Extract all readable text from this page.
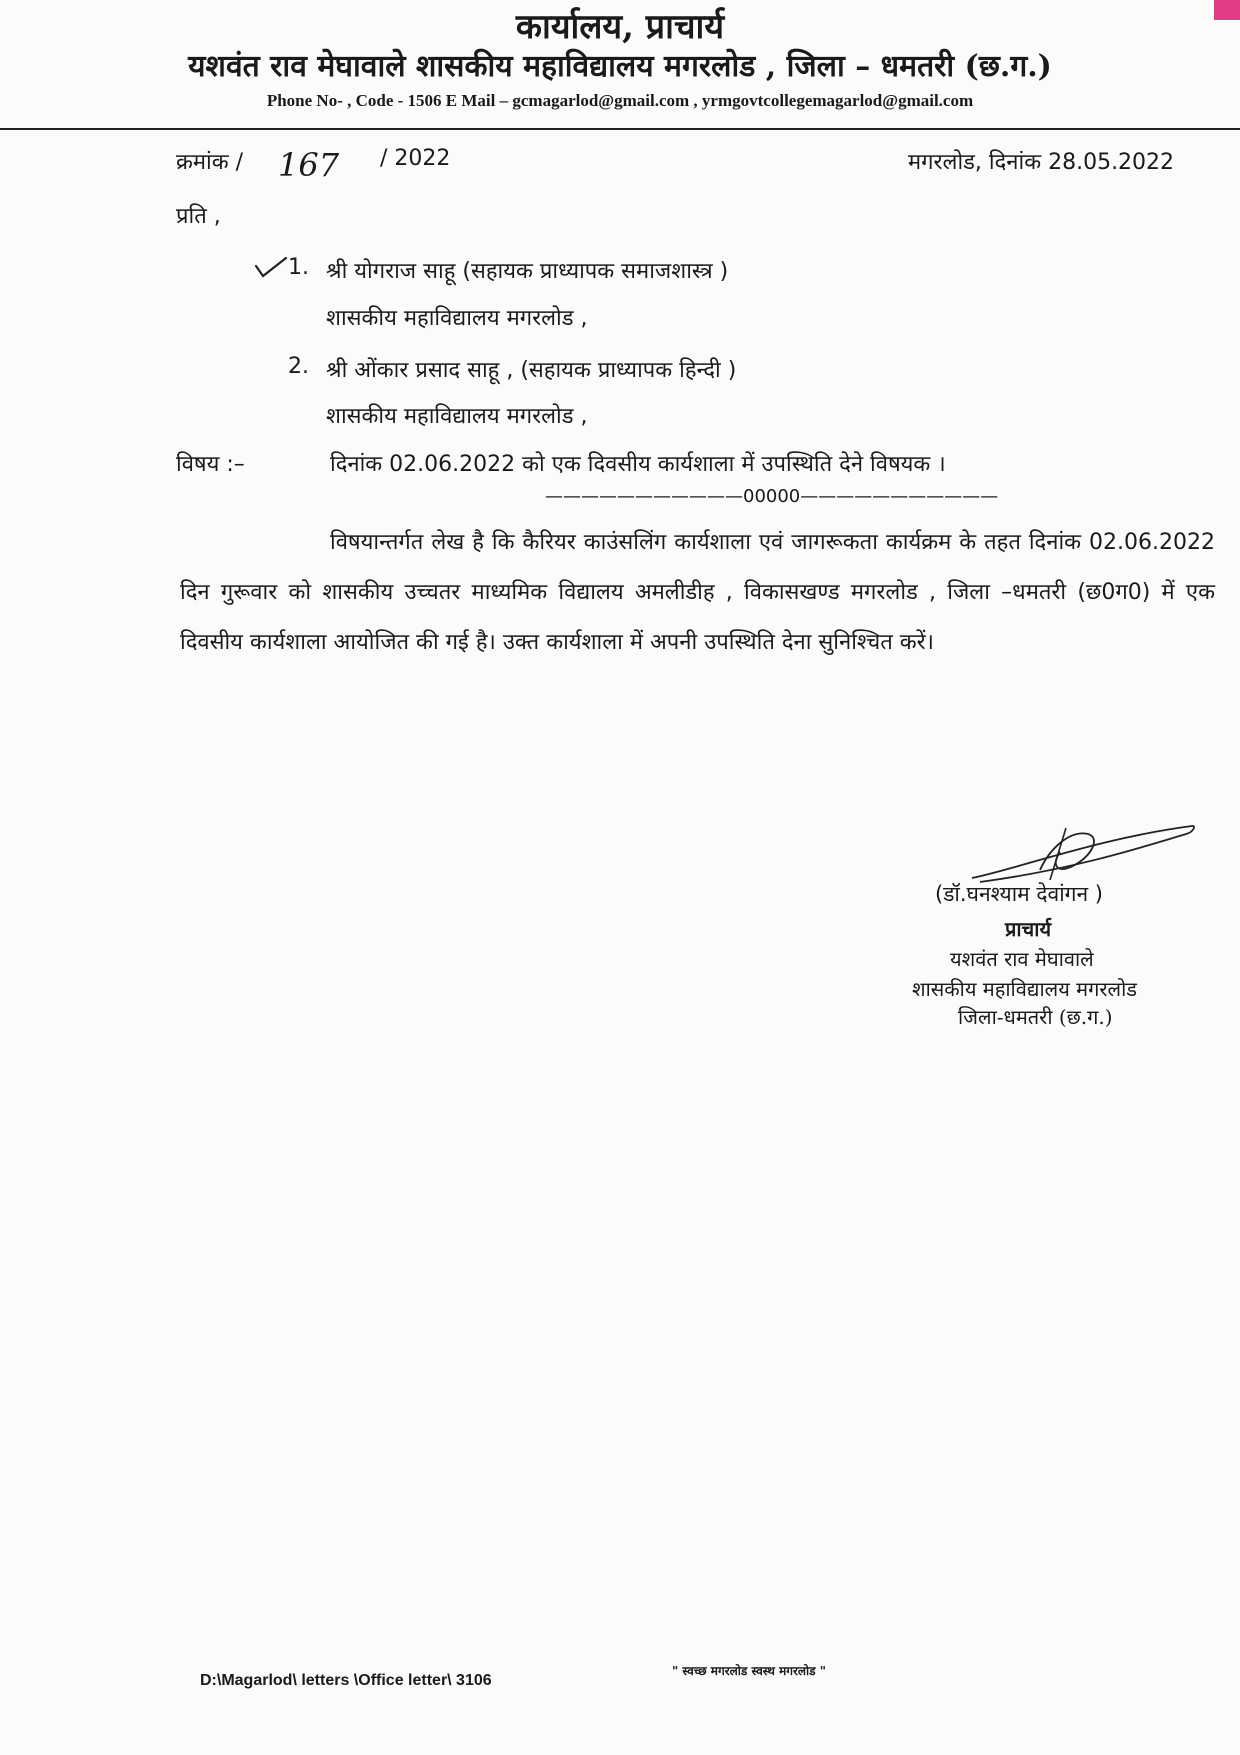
कार्यालय, प्राचार्य
यशवंत राव मेघावाले शासकीय महाविद्यालय मगरलोड , जिला – धमतरी (छ.ग.)
Phone No- , Code - 1506 E Mail – gcmagarlod@gmail.com , yrmgovtcollegemagarlod@gmail.com
क्रमांक / 167 / 2022	मगरलोड, दिनांक 28.05.2022
प्रति ,
1. श्री योगराज साहू (सहायक प्राध्यापक समाजशास्त्र )
शासकीय महाविद्यालय मगरलोड ,
2. श्री ओंकार प्रसाद साहू , (सहायक प्राध्यापक हिन्दी )
शासकीय महाविद्यालय मगरलोड ,
विषय :–	दिनांक 02.06.2022 को एक दिवसीय कार्यशाला में उपस्थिति देने विषयक ।
———————————00000———————————
विषयान्तर्गत लेख है कि कैरियर काउंसलिंग कार्यशाला एवं जागरूकता कार्यक्रम के तहत दिनांक 02.06.2022 दिन गुरूवार को शासकीय उच्चतर माध्यमिक विद्यालय अमलीडीह , विकासखण्ड मगरलोड , जिला –धमतरी (छ0ग0) में एक दिवसीय कार्यशाला आयोजित की गई है। उक्त कार्यशाला में अपनी उपस्थिति देना सुनिश्चित करें।
(डॉ.घनश्याम देवांगन )
प्राचार्य
यशवंत राव मेघावाले
शासकीय महाविद्यालय मगरलोड
जिला-धमतरी (छ.ग.)
D:\Magarlod\ letters \Office letter\ 3106
" स्वच्छ मगरलोड स्वस्थ मगरलोड "
